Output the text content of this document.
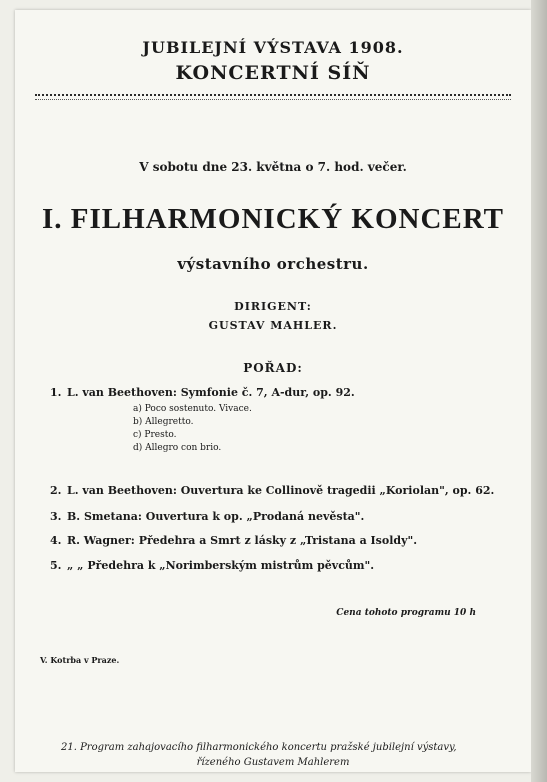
JUBILEJNÍ VÝSTAVA 1908.
KONCERTNÍ SÍŇ
V sobotu dne 23. května o 7. hod. večer.
I. FILHARMONICKÝ KONCERT
výstavního orchestru.
DIRIGENT:
GUSTAV MAHLER.
POŘAD:
1. L. van Beethoven: Symfonie č. 7, A-dur, op. 92.
a) Poco sostenuto. Vivace.
b) Allegretto.
c) Presto.
d) Allegro con brio.
2. L. van Beethoven: Ouvertura ke Collinově tragedii „Koriolan", op. 62.
3. B. Smetana: Ouvertura k op. „Prodaná nevěsta".
4. R. Wagner: Předehra a Smrt z lásky z „Tristana a Isoldy".
5. „ „ Předehra k „Norimberským mistrům pěvcům".
Cena tohoto programu 10 h
V. Kotrba v Praze.
21. Program zahajovacího filharmonického koncertu pražské jubilejní výstavy,
řízeného Gustavem Mahlerem
